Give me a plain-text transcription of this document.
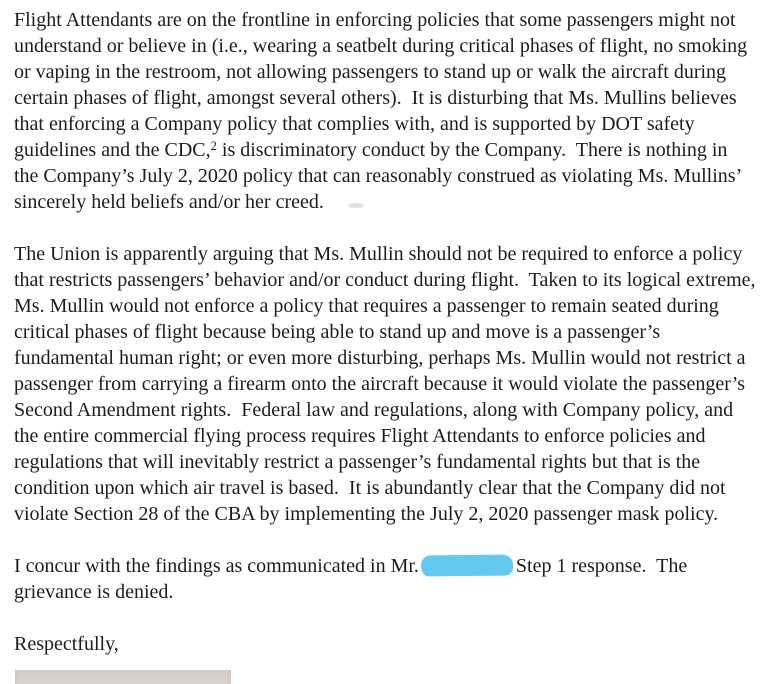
Flight Attendants are on the frontline in enforcing policies that some passengers might not understand or believe in (i.e., wearing a seatbelt during critical phases of flight, no smoking or vaping in the restroom, not allowing passengers to stand up or walk the aircraft during certain phases of flight, amongst several others).  It is disturbing that Ms. Mullins believes that enforcing a Company policy that complies with, and is supported by DOT safety guidelines and the CDC,$^2$ is discriminatory conduct by the Company.  There is nothing in the Company’s July 2, 2020 policy that can reasonably construed as violating Ms. Mullins’ sincerely held beliefs and/or her creed.

The Union is apparently arguing that Ms. Mullin should not be required to enforce a policy that restricts passengers’ behavior and/or conduct during flight.  Taken to its logical extreme, Ms. Mullin would not enforce a policy that requires a passenger to remain seated during critical phases of flight because being able to stand up and move is a passenger’s fundamental human right; or even more disturbing, perhaps Ms. Mullin would not restrict a passenger from carrying a firearm onto the aircraft because it would violate the passenger’s Second Amendment rights.  Federal law and regulations, along with Company policy, and the entire commercial flying process requires Flight Attendants to enforce policies and regulations that will inevitably restrict a passenger’s fundamental rights but that is the condition upon which air travel is based.  It is abundantly clear that the Company did not violate Section 28 of the CBA by implementing the July 2, 2020 passenger mask policy.

I concur with the findings as communicated in Mr.	Step 1 response.  The grievance is denied.

Respectfully,
